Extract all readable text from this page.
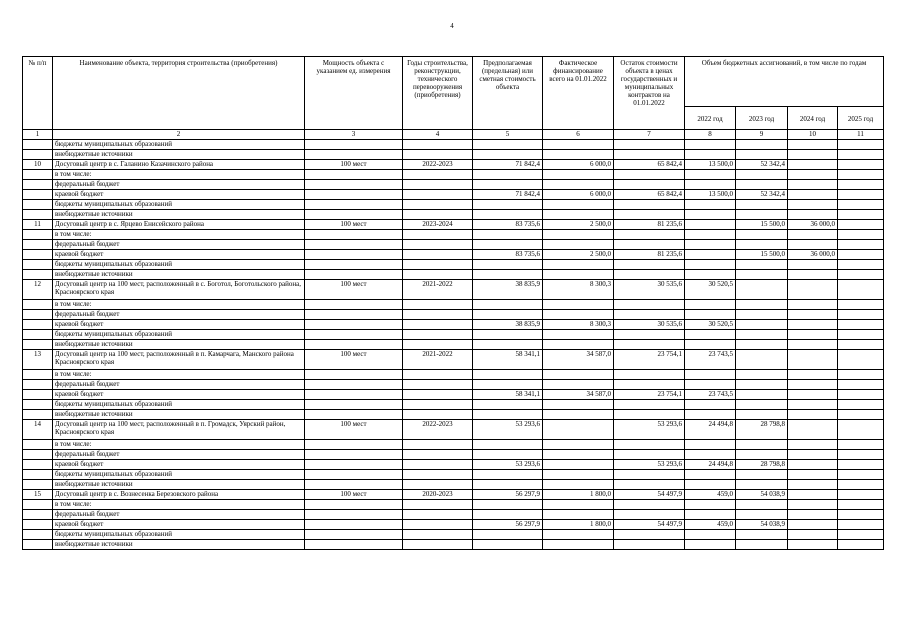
4
№ п/п	Наименование объекта, территория строительства (приобретения)	Мощность объекта с указанием ед. измерения	Годы строительства, реконструкции, технического перевооружения (приобретения)	Предполагаемая (предельная) или сметная стоимость объекта	Фактическое финансирование всего на 01.01.2022	Остаток стоимости объекта в ценах государственных и муниципальных контрактов на 01.01.2022	Объем бюджетных ассигнований, в том числе по годам			
							2022 год	2023 год	2024 год	2025 год
1	2	3	4	5	6	7	8	9	10	11
	бюджеты муниципальных образований									
	внебюджетные источники									
10	Досуговый центр в с. Галанино Казачинского района	100 мест	2022-2023	71 842,4	6 000,0	65 842,4	13 500,0	52 342,4		
	в том числе:									
	федеральный бюджет									
	краевой бюджет			71 842,4	6 000,0	65 842,4	13 500,0	52 342,4		
	бюджеты муниципальных образований									
	внебюджетные источники									
11	Досуговый центр в с. Ярцево Енисейского района	100 мест	2023-2024	83 735,6	2 500,0	81 235,6		15 500,0	36 000,0	
	в том числе:									
	федеральный бюджет									
	краевой бюджет			83 735,6	2 500,0	81 235,6		15 500,0	36 000,0	
	бюджеты муниципальных образований									
	внебюджетные источники									
12	Досуговый центр на 100 мест, расположенный в с. Боготол, Боготольского района, Красноярского края	100 мест	2021-2022	38 835,9	8 300,3	30 535,6	30 520,5			
	в том числе:									
	федеральный бюджет									
	краевой бюджет			38 835,9	8 300,3	30 535,6	30 520,5			
	бюджеты муниципальных образований									
	внебюджетные источники									
13	Досуговый центр на 100 мест, расположенный в п. Камарчага, Манского района Красноярского края	100 мест	2021-2022	58 341,1	34 587,0	23 754,1	23 743,5			
	в том числе:									
	федеральный бюджет									
	краевой бюджет			58 341,1	34 587,0	23 754,1	23 743,5			
	бюджеты муниципальных образований									
	внебюджетные источники									
14	Досуговый центр на 100 мест, расположенный в п. Громадск, Уярский район, Красноярского края	100 мест	2022-2023	53 293,6		53 293,6	24 494,8	28 798,8		
	в том числе:									
	федеральный бюджет									
	краевой бюджет			53 293,6		53 293,6	24 494,8	28 798,8		
	бюджеты муниципальных образований									
	внебюджетные источники									
15	Досуговый центр в с. Вознесенка Березовского района	100 мест	2020-2023	56 297,9	1 800,0	54 497,9	459,0	54 038,9		
	в том числе:									
	федеральный бюджет									
	краевой бюджет			56 297,9	1 800,0	54 497,9	459,0	54 038,9		
	бюджеты муниципальных образований									
	внебюджетные источники									
